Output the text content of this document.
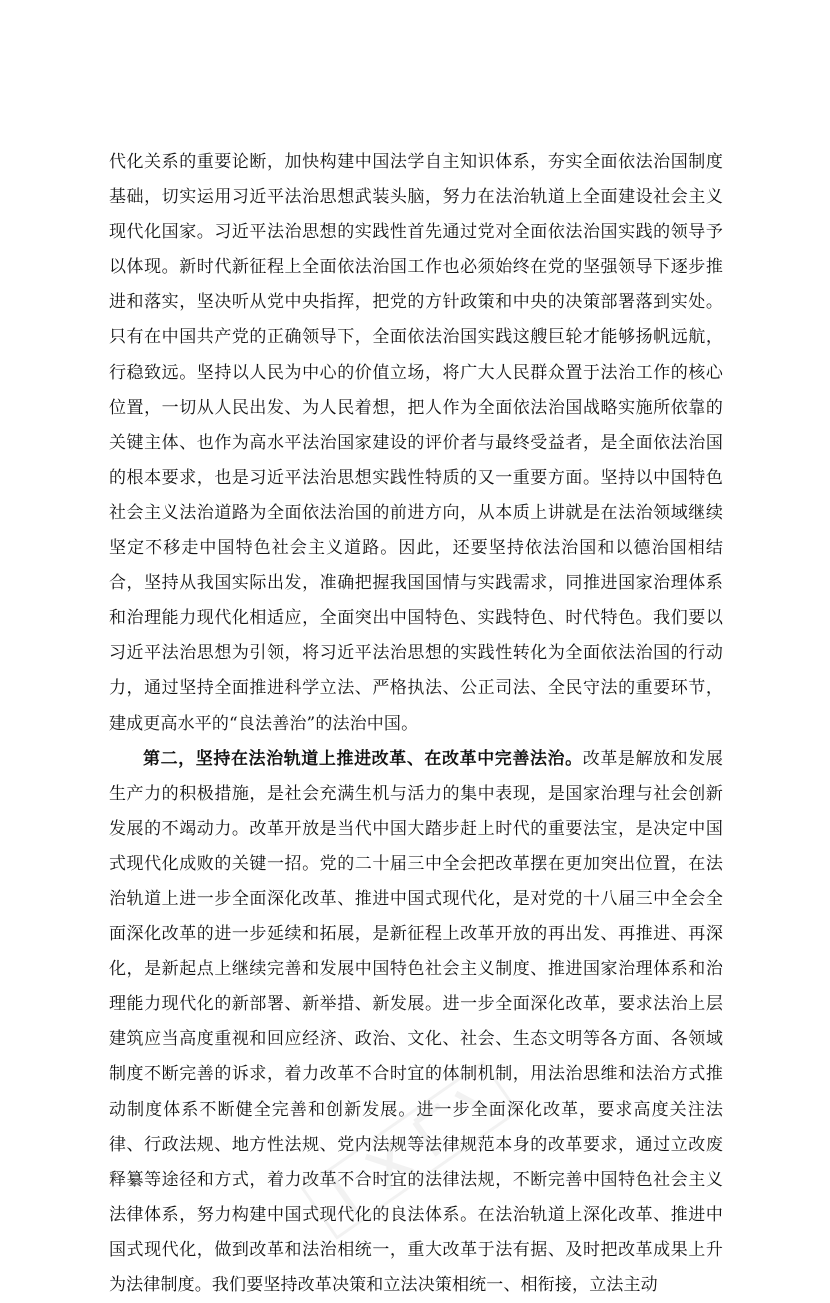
代化关系的重要论断，加快构建中国法学自主知识体系，夯实全面依法治国制度基础，切实运用习近平法治思想武装头脑，努力在法治轨道上全面建设社会主义现代化国家。习近平法治思想的实践性首先通过党对全面依法治国实践的领导予以体现。新时代新征程上全面依法治国工作也必须始终在党的坚强领导下逐步推进和落实，坚决听从党中央指挥，把党的方针政策和中央的决策部署落到实处。只有在中国共产党的正确领导下，全面依法治国实践这艘巨轮才能够扬帆远航，行稳致远。坚持以人民为中心的价值立场，将广大人民群众置于法治工作的核心位置，一切从人民出发、为人民着想，把人作为全面依法治国战略实施所依靠的关键主体、也作为高水平法治国家建设的评价者与最终受益者，是全面依法治国的根本要求，也是习近平法治思想实践性特质的又一重要方面。坚持以中国特色社会主义法治道路为全面依法治国的前进方向，从本质上讲就是在法治领域继续坚定不移走中国特色社会主义道路。因此，还要坚持依法治国和以德治国相结合，坚持从我国实际出发，准确把握我国国情与实践需求，同推进国家治理体系和治理能力现代化相适应，全面突出中国特色、实践特色、时代特色。我们要以习近平法治思想为引领，将习近平法治思想的实践性转化为全面依法治国的行动力，通过坚持全面推进科学立法、严格执法、公正司法、全民守法的重要环节，建成更高水平的“良法善治”的法治中国。

第二，坚持在法治轨道上推进改革、在改革中完善法治。改革是解放和发展生产力的积极措施，是社会充满生机与活力的集中表现，是国家治理与社会创新发展的不竭动力。改革开放是当代中国大踏步赶上时代的重要法宝，是决定中国式现代化成败的关键一招。党的二十届三中全会把改革摆在更加突出位置，在法治轨道上进一步全面深化改革、推进中国式现代化，是对党的十八届三中全会全面深化改革的进一步延续和拓展，是新征程上改革开放的再出发、再推进、再深化，是新起点上继续完善和发展中国特色社会主义制度、推进国家治理体系和治理能力现代化的新部署、新举措、新发展。进一步全面深化改革，要求法治上层建筑应当高度重视和回应经济、政治、文化、社会、生态文明等各方面、各领域制度不断完善的诉求，着力改革不合时宜的体制机制，用法治思维和法治方式推动制度体系不断健全完善和创新发展。进一步全面深化改革，要求高度关注法律、行政法规、地方性法规、党内法规等法律规范本身的改革要求，通过立改废释纂等途径和方式，着力改革不合时宜的法律法规，不断完善中国特色社会主义法律体系，努力构建中国式现代化的良法体系。在法治轨道上深化改革、推进中国式现代化，做到改革和法治相统一，重大改革于法有据、及时把改革成果上升为法律制度。我们要坚持改革决策和立法决策相统一、相衔接，立法主动
